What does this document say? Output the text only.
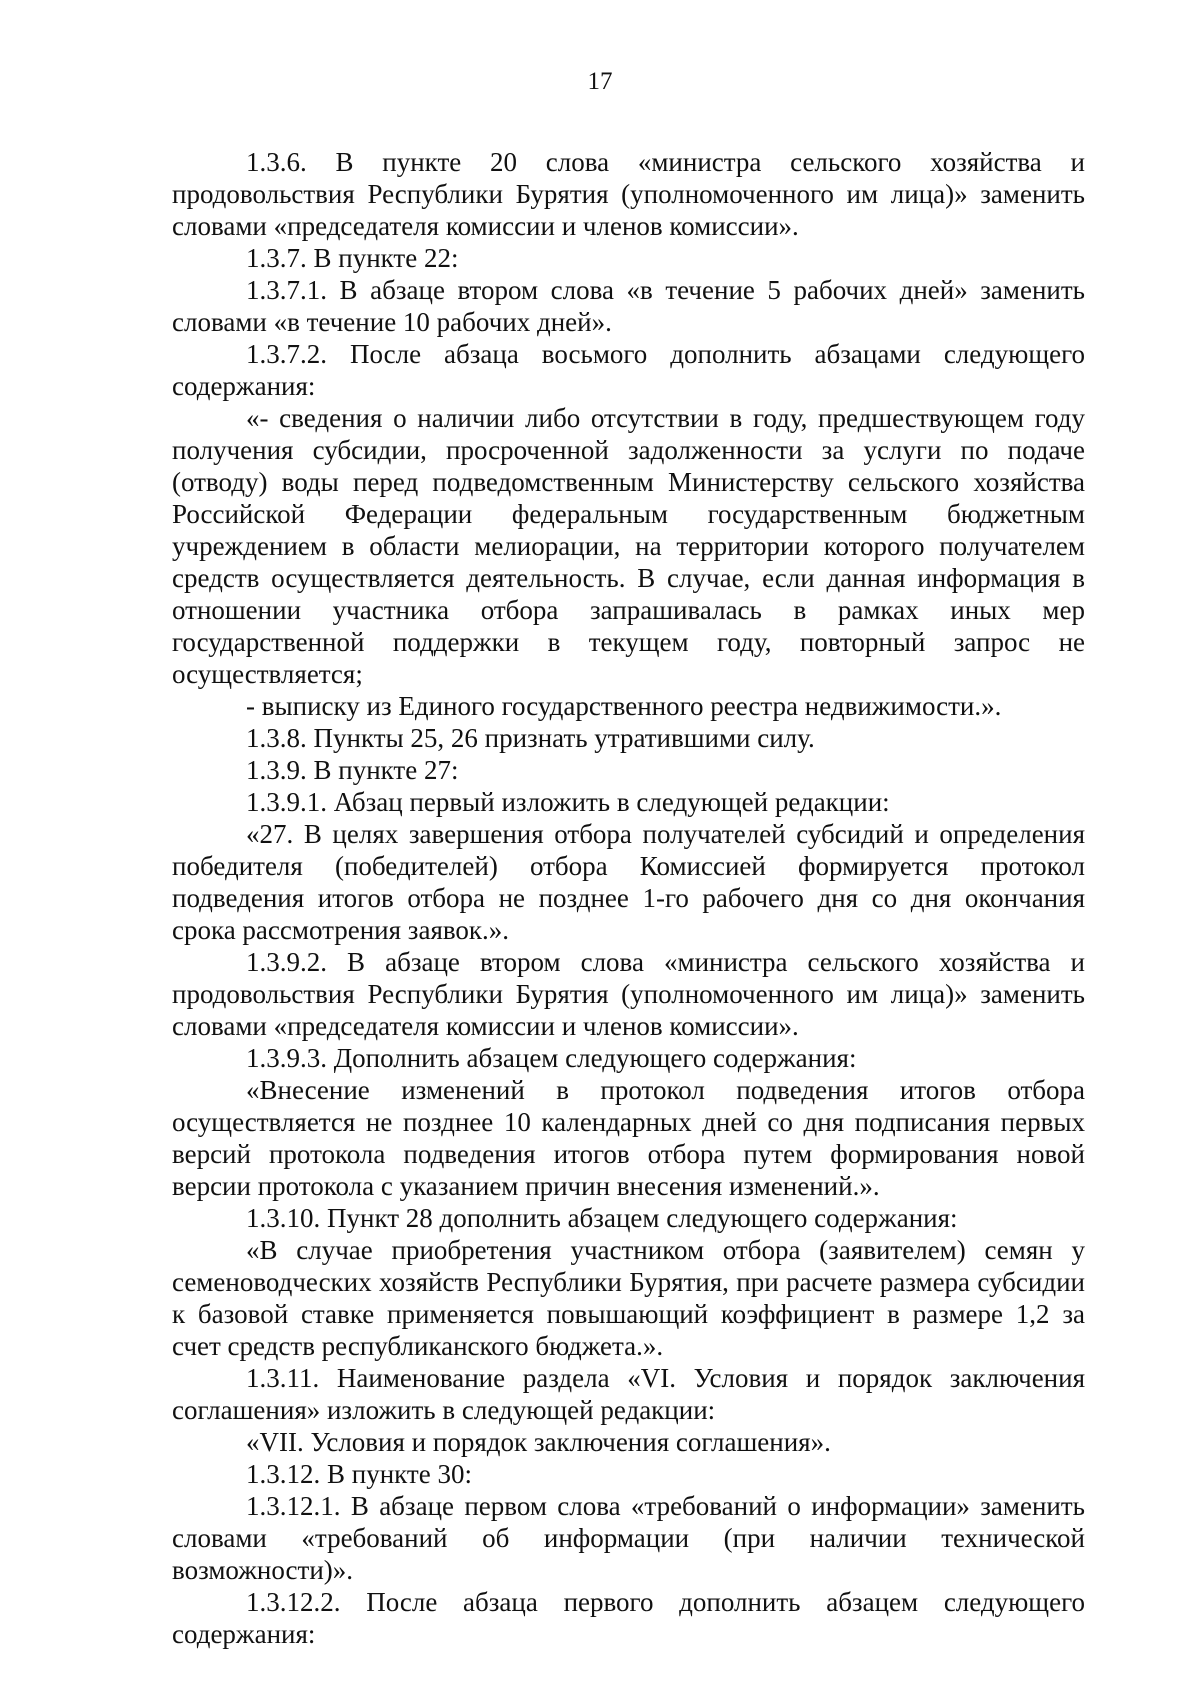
17

1.3.6. В пункте 20 слова «министра сельского хозяйства и продовольствия Республики Бурятия (уполномоченного им лица)» заменить словами «председателя комиссии и членов комиссии».

1.3.7. В пункте 22:

1.3.7.1. В абзаце втором слова «в течение 5 рабочих дней» заменить словами «в течение 10 рабочих дней».

1.3.7.2. После абзаца восьмого дополнить абзацами следующего содержания:

«- сведения о наличии либо отсутствии в году, предшествующем году получения субсидии, просроченной задолженности за услуги по подаче (отводу) воды перед подведомственным Министерству сельского хозяйства Российской Федерации федеральным государственным бюджетным учреждением в области мелиорации, на территории которого получателем средств осуществляется деятельность. В случае, если данная информация в отношении участника отбора запрашивалась в рамках иных мер государственной поддержки в текущем году, повторный запрос не осуществляется;

- выписку из Единого государственного реестра недвижимости.».

1.3.8. Пункты 25, 26 признать утратившими силу.

1.3.9. В пункте 27:

1.3.9.1. Абзац первый изложить в следующей редакции:

«27. В целях завершения отбора получателей субсидий и определения победителя (победителей) отбора Комиссией формируется протокол подведения итогов отбора не позднее 1-го рабочего дня со дня окончания срока рассмотрения заявок.».

1.3.9.2. В абзаце втором слова «министра сельского хозяйства и продовольствия Республики Бурятия (уполномоченного им лица)» заменить словами «председателя комиссии и членов комиссии».

1.3.9.3. Дополнить абзацем следующего содержания:

«Внесение изменений в протокол подведения итогов отбора осуществляется не позднее 10 календарных дней со дня подписания первых версий протокола подведения итогов отбора путем формирования новой версии протокола с указанием причин внесения изменений.».

1.3.10. Пункт 28 дополнить абзацем следующего содержания:

«В случае приобретения участником отбора (заявителем) семян у семеноводческих хозяйств Республики Бурятия, при расчете размера субсидии к базовой ставке применяется повышающий коэффициент в размере 1,2 за счет средств республиканского бюджета.».

1.3.11. Наименование раздела «VI. Условия и порядок заключения соглашения» изложить в следующей редакции:

«VII. Условия и порядок заключения соглашения».

1.3.12. В пункте 30:

1.3.12.1. В абзаце первом слова «требований о информации» заменить словами «требований об информации (при наличии технической возможности)».

1.3.12.2. После абзаца первого дополнить абзацем следующего содержания:
